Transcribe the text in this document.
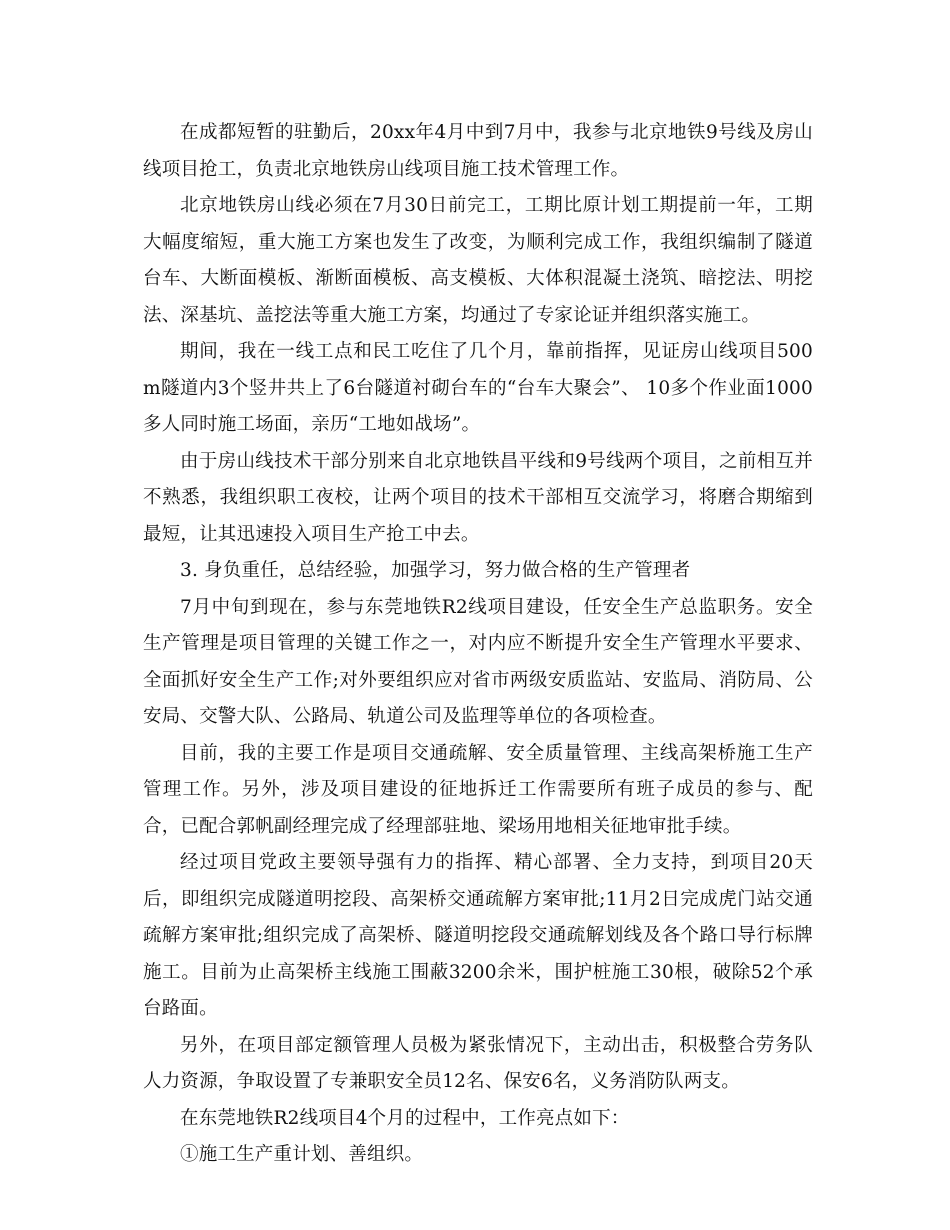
在成都短暂的驻勤后，20xx年4月中到7月中，我参与北京地铁9号线及房山线项目抢工，负责北京地铁房山线项目施工技术管理工作。

北京地铁房山线必须在7月30日前完工，工期比原计划工期提前一年，工期大幅度缩短，重大施工方案也发生了改变，为顺利完成工作，我组织编制了隧道台车、大断面模板、渐断面模板、高支模板、大体积混凝土浇筑、暗挖法、明挖法、深基坑、盖挖法等重大施工方案，均通过了专家论证并组织落实施工。

期间，我在一线工点和民工吃住了几个月，靠前指挥，见证房山线项目500m隧道内3个竖井共上了6台隧道衬砌台车的“台车大聚会”、 10多个作业面1000多人同时施工场面，亲历“工地如战场”。

由于房山线技术干部分别来自北京地铁昌平线和9号线两个项目，之前相互并不熟悉，我组织职工夜校，让两个项目的技术干部相互交流学习，将磨合期缩到最短，让其迅速投入项目生产抢工中去。

3. 身负重任，总结经验，加强学习，努力做合格的生产管理者

7月中旬到现在，参与东莞地铁R2线项目建设，任安全生产总监职务。安全生产管理是项目管理的关键工作之一，对内应不断提升安全生产管理水平要求、全面抓好安全生产工作;对外要组织应对省市两级安质监站、安监局、消防局、公安局、交警大队、公路局、轨道公司及监理等单位的各项检查。

目前，我的主要工作是项目交通疏解、安全质量管理、主线高架桥施工生产管理工作。另外，涉及项目建设的征地拆迁工作需要所有班子成员的参与、配合，已配合郭帆副经理完成了经理部驻地、梁场用地相关征地审批手续。

经过项目党政主要领导强有力的指挥、精心部署、全力支持，到项目20天后，即组织完成隧道明挖段、高架桥交通疏解方案审批;11月2日完成虎门站交通疏解方案审批;组织完成了高架桥、隧道明挖段交通疏解划线及各个路口导行标牌施工。目前为止高架桥主线施工围蔽3200余米，围护桩施工30根，破除52个承台路面。

另外，在项目部定额管理人员极为紧张情况下，主动出击，积极整合劳务队人力资源，争取设置了专兼职安全员12名、保安6名，义务消防队两支。

在东莞地铁R2线项目4个月的过程中，工作亮点如下：

①施工生产重计划、善组织。
